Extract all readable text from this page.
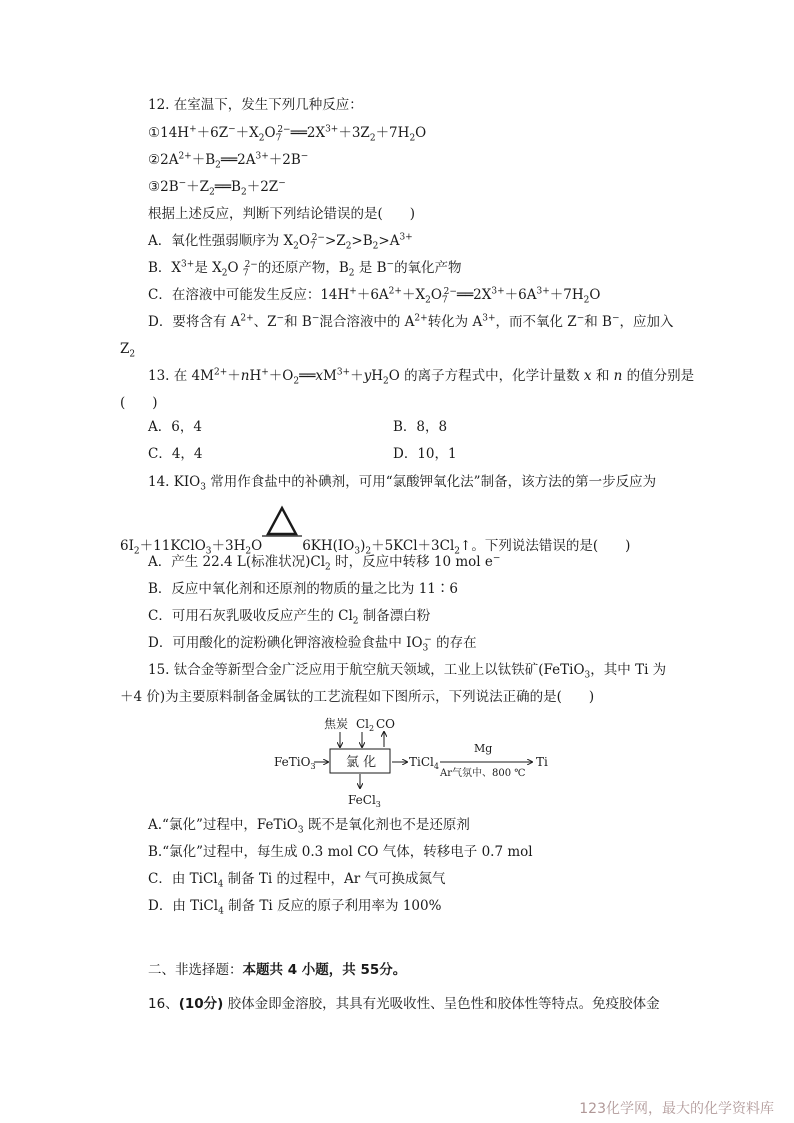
12. 在室温下，发生下列几种反应：
$①14H^++6Z^-+X_2O_7^{2-}══2X^{3+}+3Z_2+7H_2O$
$②2A^{2+}+B_2══2A^{3+}+2B^-$
$③2B^-+Z_2══B_2+2Z^-$
根据上述反应，判断下列结论错误的是(　　)
A．氧化性强弱顺序为 $X_2O_7^{2-}>Z_2>B_2>A^{3+}$
B．$X^{3+}$是 $X_2O$ $_7^{2-}$的还原产物，$B_2$ 是 B−的氧化产物
C．在溶液中可能发生反应：$14H^++6A^{2+}+X_2O_7^{2-}══2X^{3+}+6A^{3+}+7H_2O$
D．要将含有 $A^{2+}$、Z−和 B−混合溶液中的 $A^{2+}$转化为 $A^{3+}$，而不氧化 Z−和 B−，应加入
$Z_2$
13. 在 $4M^{2+}+nH^++O_2══xM^{3+}+yH_2O$ 的离子方程式中，化学计量数 x 和 n 的值分别是
(　　)
A．6，4	B．8，8
C．4，4	D．10，1
14. $KIO_3$ 常用作食盐中的补碘剂，可用“氯酸钾氧化法”制备，该方法的第一步反应为
$6I_2+11KClO_3+3H_2O$	$6KH(IO_3)_2+5KCl+3Cl_2↑$。下列说法错误的是(　　)
A．产生 22.4 L(标准状况)$Cl_2$ 时，反应中转移 10 mol e−
B．反应中氧化剂和还原剂的物质的量之比为 11∶6
C．可用石灰乳吸收反应产生的 $Cl_2$ 制备漂白粉
D．可用酸化的淀粉碘化钾溶液检验食盐中 $IO_3^-$ 的存在
15. 钛合金等新型合金广泛应用于航空航天领域，工业上以钛铁矿(FeTiO$_3$，其中 Ti 为
＋4 价)为主要原料制备金属钛的工艺流程如下图所示，下列说法正确的是(　　)
焦炭 $Cl_2$ CO
FeTiO$_3$ 氯 化	TiCl$_4$
Mg
Ar气氛中、800 ℃
Ti
FeCl$_3$
A.“氯化”过程中，FeTiO$_3$ 既不是氧化剂也不是还原剂
B.“氯化”过程中，每生成 0.3 mol CO 气体，转移电子 0.7 mol
C．由 TiCl$_4$ 制备 Ti 的过程中，Ar 气可换成氮气
D．由 TiCl$_4$ 制备 Ti 反应的原子利用率为 100%
二、非选择题：本题共 4 小题，共 55分。
16、(10分) 胶体金即金溶胶，其具有光吸收性、呈色性和胶体性等特点。免疫胶体金
123化学网，最大的化学资料库
